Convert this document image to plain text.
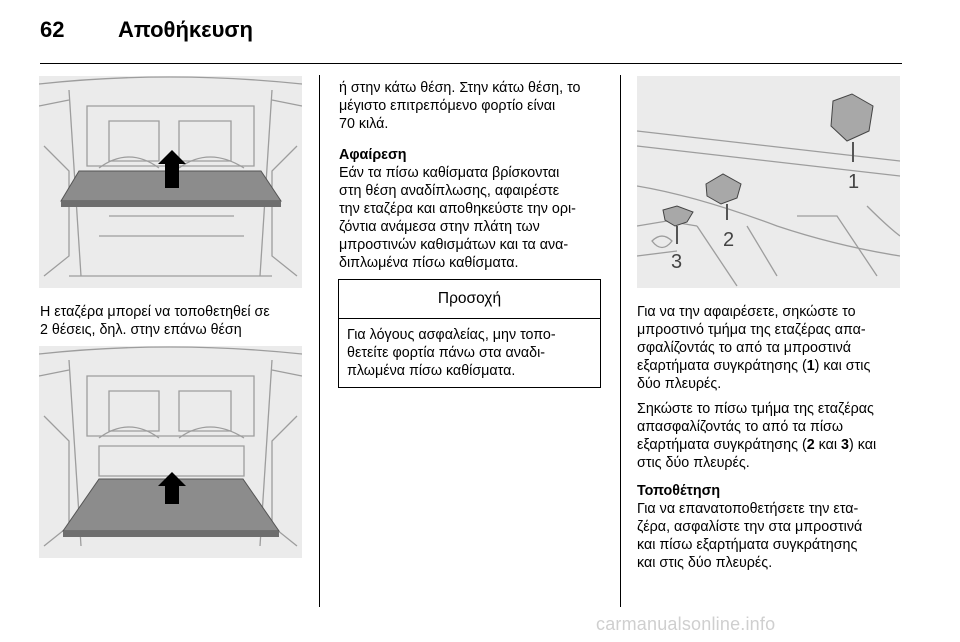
62 Αποθήκευση

Η εταζέρα μπορεί να τοποθετηθεί σε

2 θέσεις, δηλ. στην επάνω θέση

ή στην κάτω θέση. Στην κάτω θέση, το

μέγιστο επιτρεπόμενο φορτίο είναι

70 κιλά.

Αφαίρεση

Εάν τα πίσω καθίσματα βρίσκονται

στη θέση αναδίπλωσης, αφαιρέστε

την εταζέρα και αποθηκεύστε την ορι-

ζόντια ανάμεσα στην πλάτη των

μπροστινών καθισμάτων και τα ανα-

διπλωμένα πίσω καθίσματα.

Προσοχή

Για λόγους ασφαλείας, μην τοπο-

θετείτε φορτία πάνω στα αναδι-

πλωμένα πίσω καθίσματα.

1
2
3

Για να την αφαιρέσετε, σηκώστε το

μπροστινό τμήμα της εταζέρας απα-

σφαλίζοντάς το από τα μπροστινά

εξαρτήματα συγκράτησης (1) και στις

δύο πλευρές.

Σηκώστε το πίσω τμήμα της εταζέρας

απασφαλίζοντάς το από τα πίσω

εξαρτήματα συγκράτησης (2 και 3) και

στις δύο πλευρές.

Τοποθέτηση

Για να επανατοποθετήσετε την ετα-

ζέρα, ασφαλίστε την στα μπροστινά

και πίσω εξαρτήματα συγκράτησης

και στις δύο πλευρές.

carmanualsonline.info
